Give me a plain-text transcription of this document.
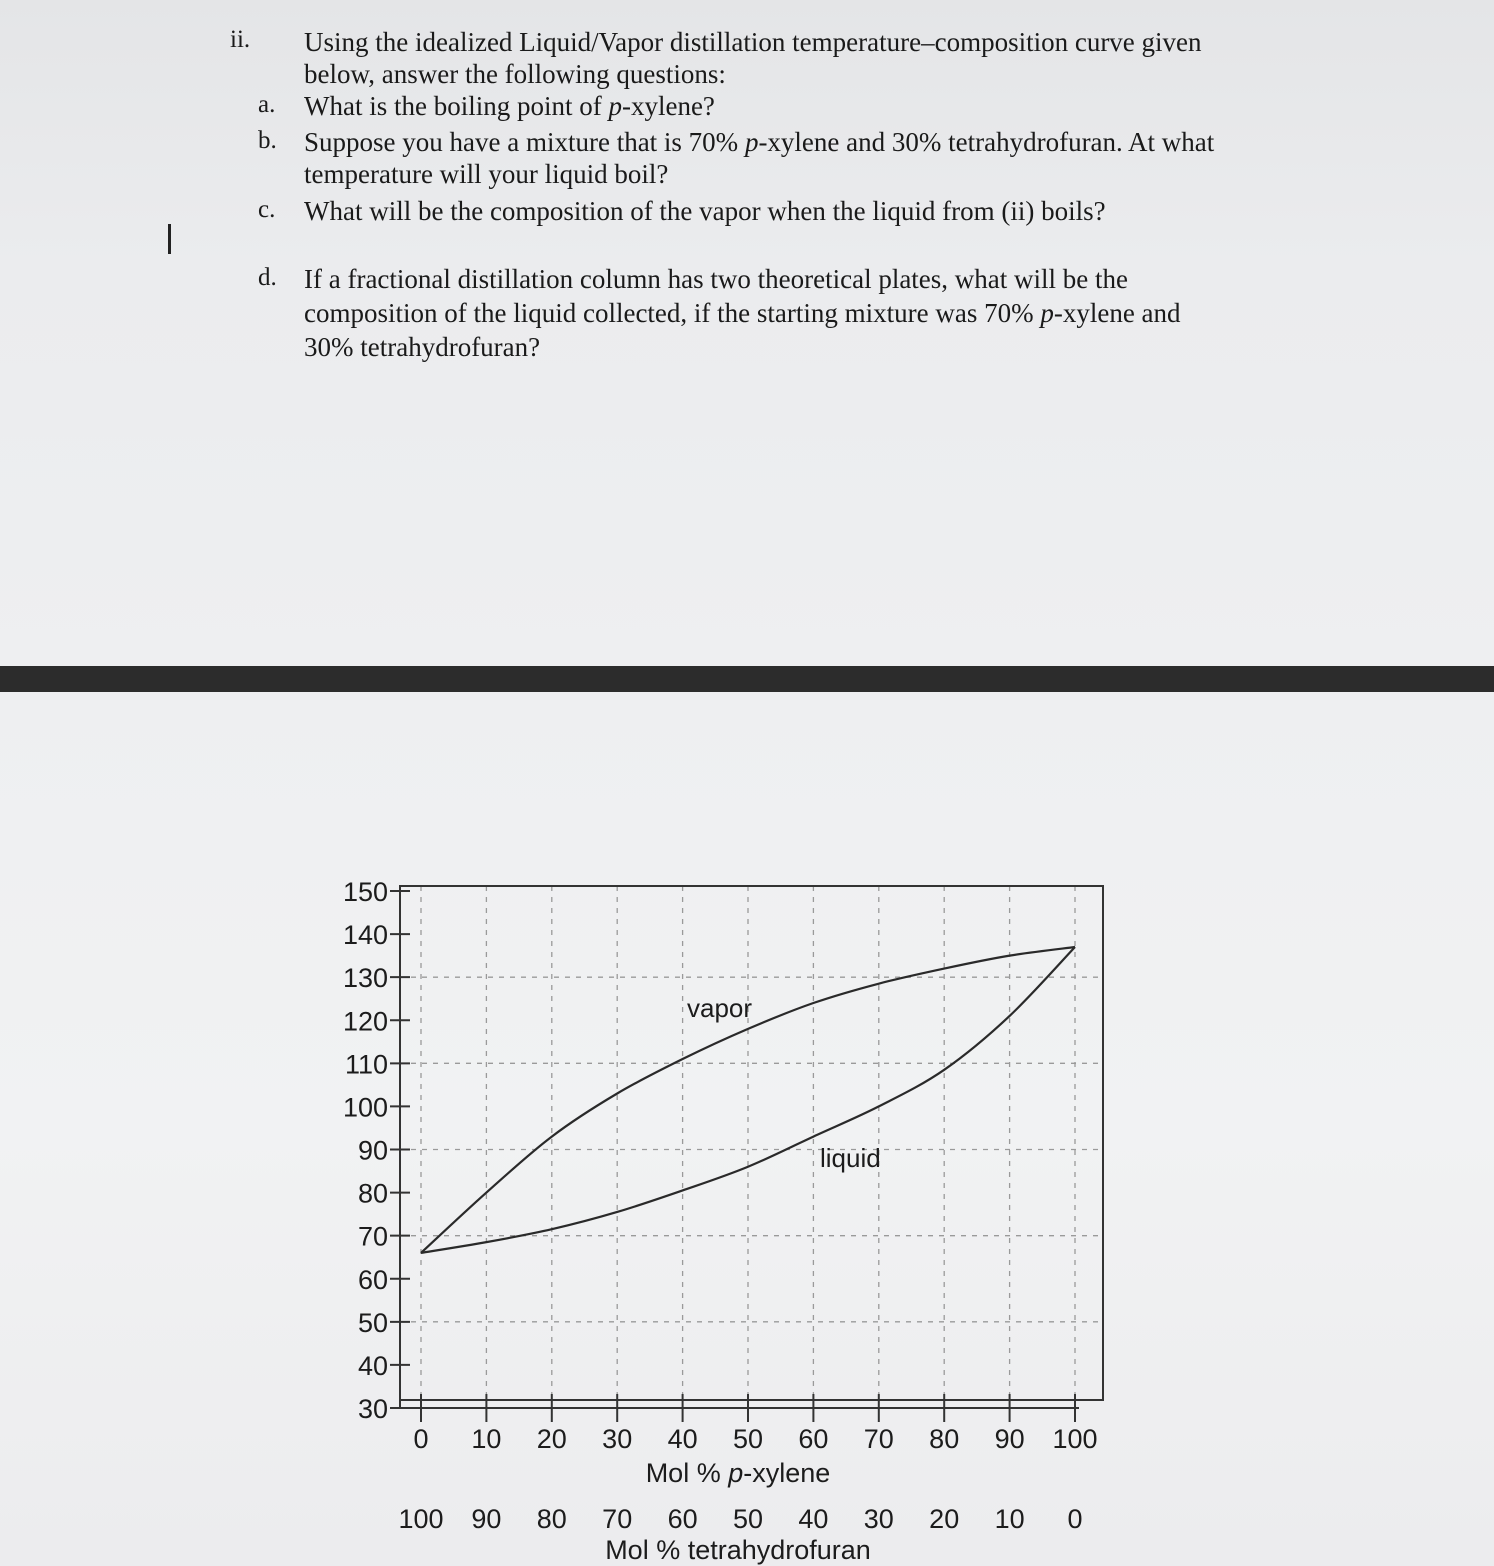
ii. Using the idealized Liquid/Vapor distillation temperature–composition curve given
below, answer the following questions:
a. What is the boiling point of p-xylene?
b. Suppose you have a mixture that is 70% p-xylene and 30% tetrahydrofuran. At what
temperature will your liquid boil?
c. What will be the composition of the vapor when the liquid from (ii) boils?
d. If a fractional distillation column has two theoretical plates, what will be the
composition of the liquid collected, if the starting mixture was 70% p-xylene and
30% tetrahydrofuran?
150
140
130
120
110
100
90
80
70
60
50
40
30
0 10 20 30 40 50 60 70 80 90 100
100 90 80 70 60 50 40 30 20 10 0
Mol % p-xylene
Mol % tetrahydrofuran
vapor
liquid
